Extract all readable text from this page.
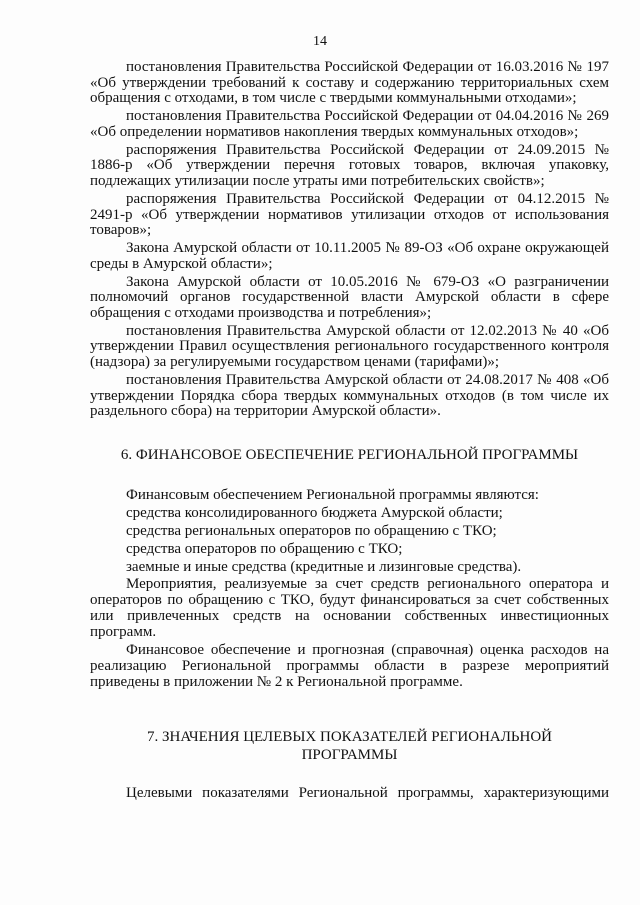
14

постановления Правительства Российской Федерации от 16.03.2016 № 197 «Об утверждении требований к составу и содержанию территориальных схем обращения с отходами, в том числе с твердыми коммунальными отходами»;

постановления Правительства Российской Федерации от 04.04.2016 № 269 «Об определении нормативов накопления твердых коммунальных отходов»;

распоряжения Правительства Российской Федерации от 24.09.2015 № 1886-р «Об утверждении перечня готовых товаров, включая упаковку, подлежащих утилизации после утраты ими потребительских свойств»;

распоряжения Правительства Российской Федерации от 04.12.2015 № 2491-р «Об утверждении нормативов утилизации отходов от использования товаров»;

Закона Амурской области от 10.11.2005 № 89-ОЗ «Об охране окружающей среды в Амурской области»;

Закона Амурской области от 10.05.2016 № 679-ОЗ «О разграничении полномочий органов государственной власти Амурской области в сфере обращения с отходами производства и потребления»;

постановления Правительства Амурской области от 12.02.2013 № 40 «Об утверждении Правил осуществления регионального государственного контроля (надзора) за регулируемыми государством ценами (тарифами)»;

постановления Правительства Амурской области от 24.08.2017 № 408 «Об утверждении Порядка сбора твердых коммунальных отходов (в том числе их раздельного сбора) на территории Амурской области».

6. ФИНАНСОВОЕ ОБЕСПЕЧЕНИЕ РЕГИОНАЛЬНОЙ ПРОГРАММЫ

Финансовым обеспечением Региональной программы являются:

средства консолидированного бюджета Амурской области;

средства региональных операторов по обращению с ТКО;

средства операторов по обращению с ТКО;

заемные и иные средства (кредитные и лизинговые средства).

Мероприятия, реализуемые за счет средств регионального оператора и операторов по обращению с ТКО, будут финансироваться за счет собственных или привлеченных средств на основании собственных инвестиционных программ.

Финансовое обеспечение и прогнозная (справочная) оценка расходов на реализацию Региональной программы области в разрезе мероприятий приведены в приложении № 2 к Региональной программе.

7. ЗНАЧЕНИЯ ЦЕЛЕВЫХ ПОКАЗАТЕЛЕЙ РЕГИОНАЛЬНОЙ
ПРОГРАММЫ

Целевыми показателями Региональной программы, характеризующими
